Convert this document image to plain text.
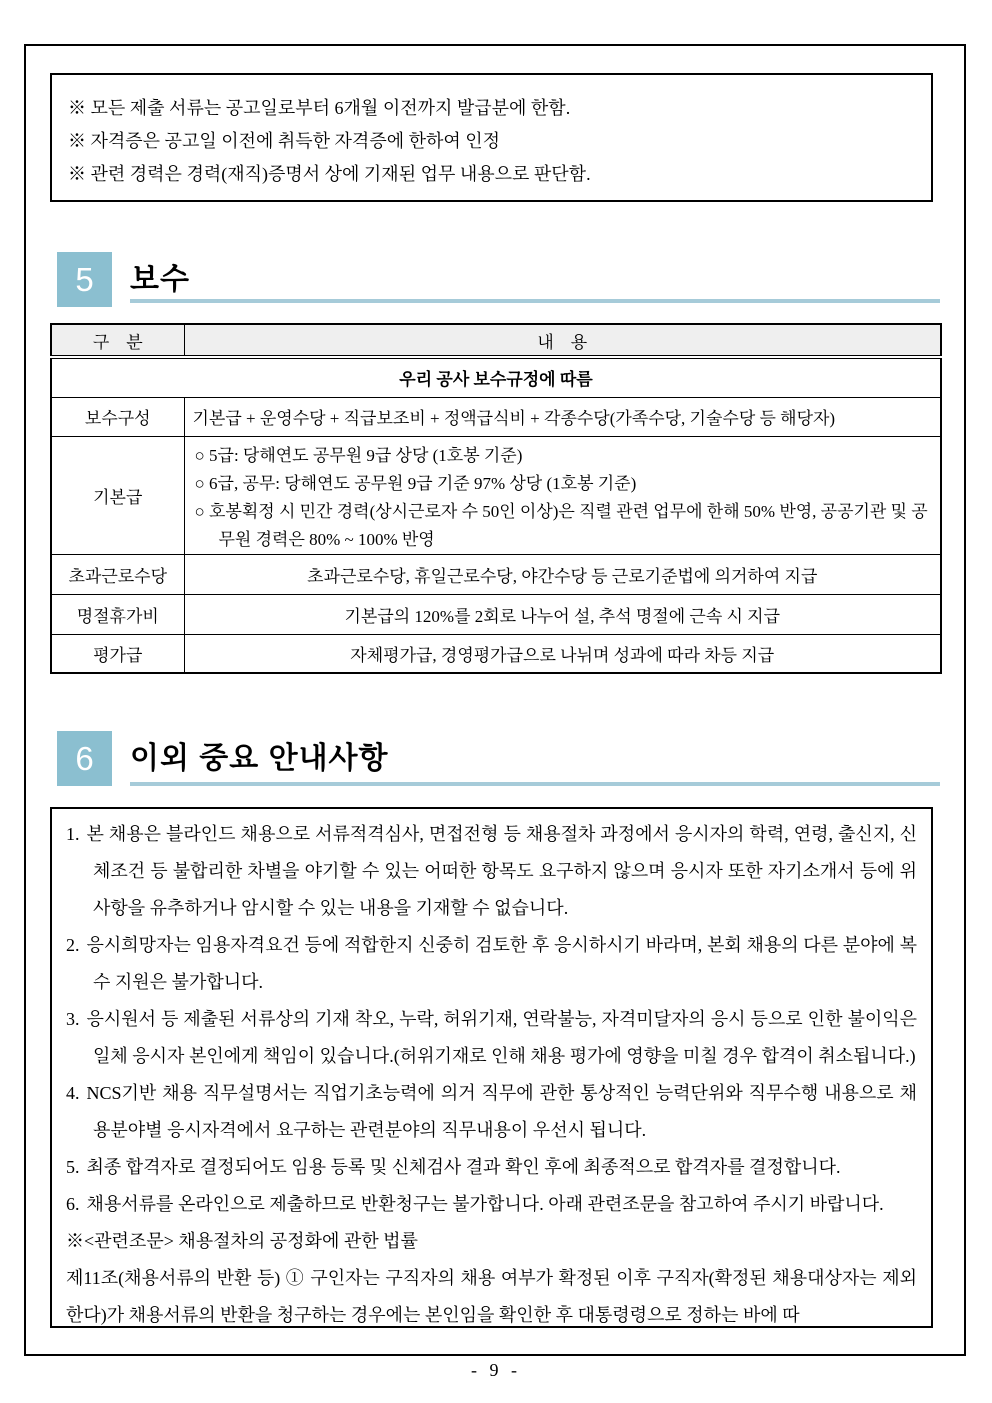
※ 모든 제출 서류는 공고일로부터 6개월 이전까지 발급분에 한함.
※ 자격증은 공고일 이전에 취득한 자격증에 한하여 인정
※ 관련 경력은 경력(재직)증명서 상에 기재된 업무 내용으로 판단함.
5	보수
구　분	내　용
우리 공사 보수규정에 따름	
보수구성	기본급 + 운영수당 + 직급보조비 + 정액급식비 + 각종수당(가족수당, 기술수당 등 해당자)
기본급	○ 5급: 당해연도 공무원 9급 상당 (1호봉 기준)
○ 6급, 공무: 당해연도 공무원 9급 기준 97% 상당 (1호봉 기준)
○ 호봉획정 시 민간 경력(상시근로자 수 50인 이상)은 직렬 관련 업무에 한해 50% 반영, 공공기관 및 공무원 경력은 80% ~ 100% 반영

초과근로수당	초과근로수당, 휴일근로수당, 야간수당 등 근로기준법에 의거하여 지급
명절휴가비	기본급의 120%를 2회로 나누어 설, 추석 명절에 근속 시 지급
평가급	자체평가급, 경영평가급으로 나뉘며 성과에 따라 차등 지급
6	이외 중요 안내사항

1. 본 채용은 블라인드 채용으로 서류적격심사, 면접전형 등 채용절차 과정에서 응시자의 학력, 연령, 출신지, 신체조건 등 불합리한 차별을 야기할 수 있는 어떠한 항목도 요구하지 않으며 응시자 또한 자기소개서 등에 위 사항을 유추하거나 암시할 수 있는 내용을 기재할 수 없습니다.

2. 응시희망자는 임용자격요건 등에 적합한지 신중히 검토한 후 응시하시기 바라며, 본회 채용의 다른 분야에 복수 지원은 불가합니다.

3. 응시원서 등 제출된 서류상의 기재 착오, 누락, 허위기재, 연락불능, 자격미달자의 응시 등으로 인한 불이익은 일체 응시자 본인에게 책임이 있습니다.(허위기재로 인해 채용 평가에 영향을 미칠 경우 합격이 취소됩니다.)

4. NCS기반 채용 직무설명서는 직업기초능력에 의거 직무에 관한 통상적인 능력단위와 직무수행 내용으로 채용분야별 응시자격에서 요구하는 관련분야의 직무내용이 우선시 됩니다.

5. 최종 합격자로 결정되어도 임용 등록 및 신체검사 결과 확인 후에 최종적으로 합격자를 결정합니다.

6. 채용서류를 온라인으로 제출하므로 반환청구는 불가합니다. 아래 관련조문을 참고하여 주시기 바랍니다.

※<관련조문> 채용절차의 공정화에 관한 법률

제11조(채용서류의 반환 등) ① 구인자는 구직자의 채용 여부가 확정된 이후 구직자(확정된 채용대상자는 제외한다)가 채용서류의 반환을 청구하는 경우에는 본인임을 확인한 후 대통령령으로 정하는 바에 따

- 9 -
